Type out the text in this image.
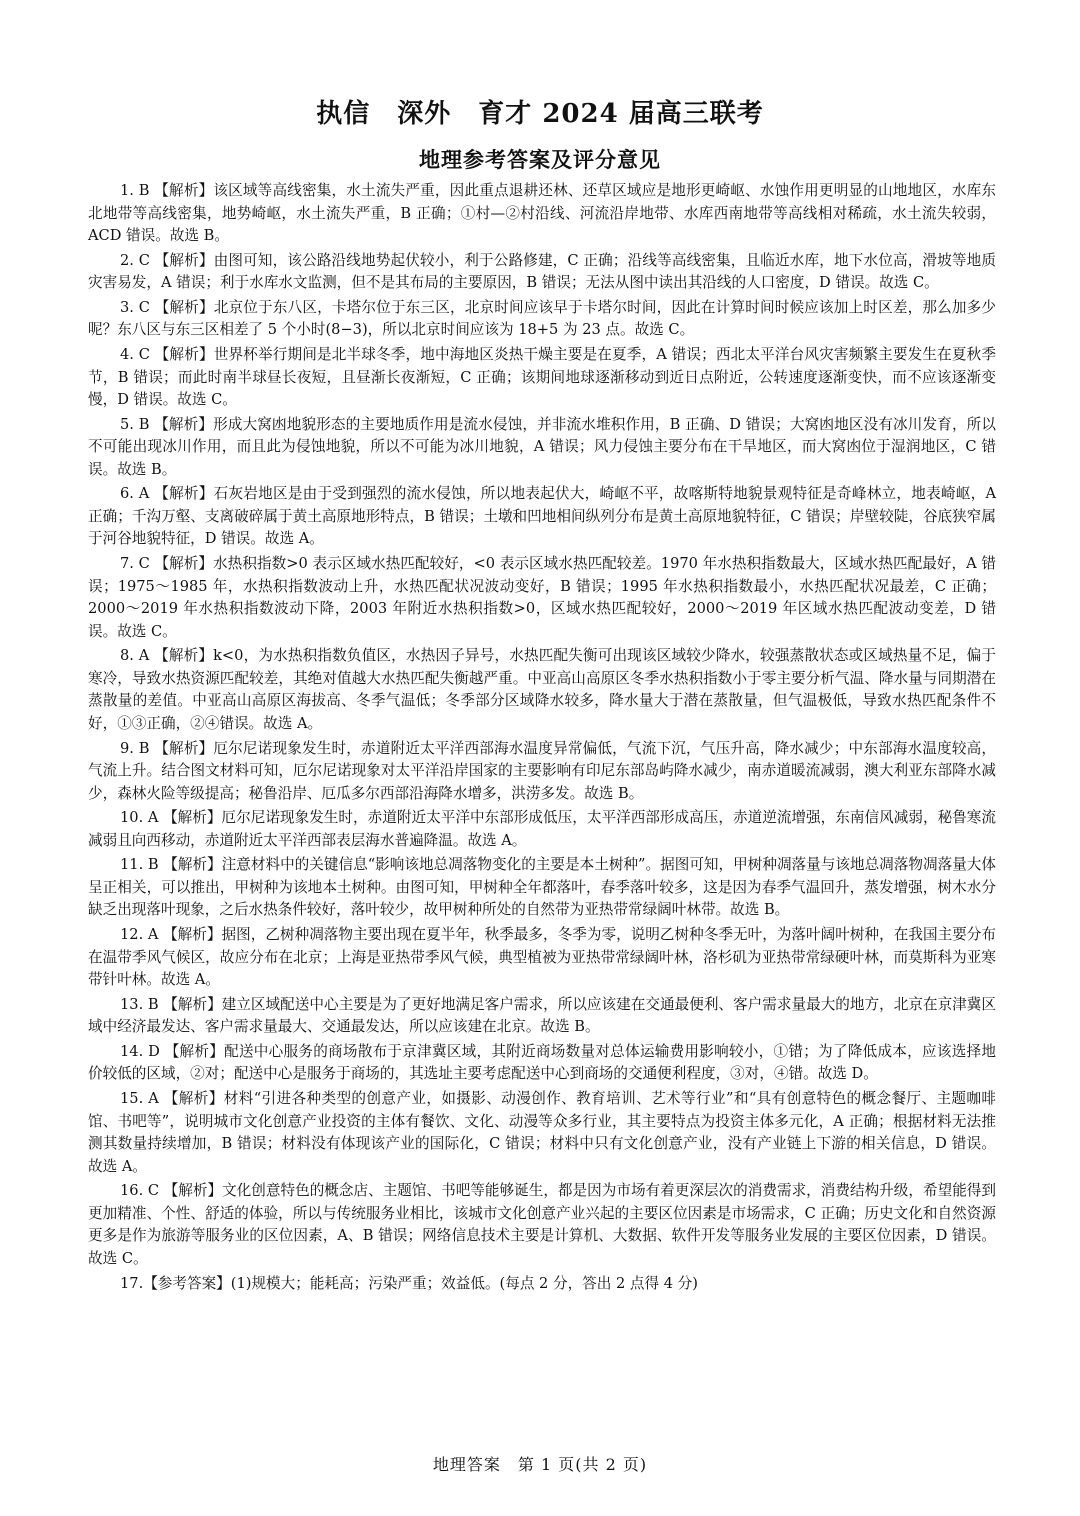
执信　深外　育才 2024 届高三联考
地理参考答案及评分意见

1. B 【解析】该区域等高线密集，水土流失严重，因此重点退耕还林、还草区域应是地形更崎岖、水蚀作用更明显的山地地区，水库东北地带等高线密集，地势崎岖，水土流失严重，B 正确；①村—②村沿线、河流沿岸地带、水库西南地带等高线相对稀疏，水土流失较弱，ACD 错误。故选 B。

2. C 【解析】由图可知，该公路沿线地势起伏较小，利于公路修建，C 正确；沿线等高线密集，且临近水库，地下水位高，滑坡等地质灾害易发，A 错误；利于水库水文监测，但不是其布局的主要原因，B 错误；无法从图中读出其沿线的人口密度，D 错误。故选 C。

3. C 【解析】北京位于东八区，卡塔尔位于东三区，北京时间应该早于卡塔尔时间，因此在计算时间时候应该加上时区差，那么加多少呢？东八区与东三区相差了 5 个小时(8−3)，所以北京时间应该为 18+5 为 23 点。故选 C。

4. C 【解析】世界杯举行期间是北半球冬季，地中海地区炎热干燥主要是在夏季，A 错误；西北太平洋台风灾害频繁主要发生在夏秋季节，B 错误；而此时南半球昼长夜短，且昼渐长夜渐短，C 正确；该期间地球逐渐移动到近日点附近，公转速度逐渐变快，而不应该逐渐变慢，D 错误。故选 C。

5. B 【解析】形成大窝凼地貌形态的主要地质作用是流水侵蚀，并非流水堆积作用，B 正确、D 错误；大窝凼地区没有冰川发育，所以不可能出现冰川作用，而且此为侵蚀地貌，所以不可能为冰川地貌，A 错误；风力侵蚀主要分布在干旱地区，而大窝凼位于湿润地区，C 错误。故选 B。

6. A 【解析】石灰岩地区是由于受到强烈的流水侵蚀，所以地表起伏大，崎岖不平，故喀斯特地貌景观特征是奇峰林立，地表崎岖，A 正确；千沟万壑、支离破碎属于黄土高原地形特点，B 错误；土墩和凹地相间纵列分布是黄土高原地貌特征，C 错误；岸壁较陡，谷底狭窄属于河谷地貌特征，D 错误。故选 A。

7. C 【解析】水热积指数>0 表示区域水热匹配较好，<0 表示区域水热匹配较差。1970 年水热积指数最大，区域水热匹配最好，A 错误；1975～1985 年，水热积指数波动上升，水热匹配状况波动变好，B 错误；1995 年水热积指数最小，水热匹配状况最差，C 正确；2000～2019 年水热积指数波动下降，2003 年附近水热积指数>0，区域水热匹配较好，2000～2019 年区域水热匹配波动变差，D 错误。故选 C。

8. A 【解析】k<0，为水热积指数负值区，水热因子异号，水热匹配失衡可出现该区域较少降水，较强蒸散状态或区域热量不足，偏于寒冷，导致水热资源匹配较差，其绝对值越大水热匹配失衡越严重。中亚高山高原区冬季水热积指数小于零主要分析气温、降水量与同期潜在蒸散量的差值。中亚高山高原区海拔高、冬季气温低；冬季部分区域降水较多，降水量大于潜在蒸散量，但气温极低，导致水热匹配条件不好，①③正确，②④错误。故选 A。

9. B 【解析】厄尔尼诺现象发生时，赤道附近太平洋西部海水温度异常偏低，气流下沉，气压升高，降水减少；中东部海水温度较高，气流上升。结合图文材料可知，厄尔尼诺现象对太平洋沿岸国家的主要影响有印尼东部岛屿降水减少，南赤道暖流减弱，澳大利亚东部降水减少，森林火险等级提高；秘鲁沿岸、厄瓜多尔西部沿海降水增多，洪涝多发。故选 B。

10. A 【解析】厄尔尼诺现象发生时，赤道附近太平洋中东部形成低压，太平洋西部形成高压，赤道逆流增强，东南信风减弱，秘鲁寒流减弱且向西移动，赤道附近太平洋西部表层海水普遍降温。故选 A。

11. B 【解析】注意材料中的关键信息“影响该地总凋落物变化的主要是本土树种”。据图可知，甲树种凋落量与该地总凋落物凋落量大体呈正相关，可以推出，甲树种为该地本土树种。由图可知，甲树种全年都落叶，春季落叶较多，这是因为春季气温回升，蒸发增强，树木水分缺乏出现落叶现象，之后水热条件较好，落叶较少，故甲树种所处的自然带为亚热带常绿阔叶林带。故选 B。

12. A 【解析】据图，乙树种凋落物主要出现在夏半年，秋季最多，冬季为零，说明乙树种冬季无叶，为落叶阔叶树种，在我国主要分布在温带季风气候区，故应分布在北京；上海是亚热带季风气候，典型植被为亚热带常绿阔叶林，洛杉矶为亚热带常绿硬叶林，而莫斯科为亚寒带针叶林。故选 A。

13. B 【解析】建立区域配送中心主要是为了更好地满足客户需求，所以应该建在交通最便利、客户需求量最大的地方，北京在京津冀区域中经济最发达、客户需求量最大、交通最发达，所以应该建在北京。故选 B。

14. D 【解析】配送中心服务的商场散布于京津冀区域，其附近商场数量对总体运输费用影响较小，①错；为了降低成本，应该选择地价较低的区域，②对；配送中心是服务于商场的，其选址主要考虑配送中心到商场的交通便利程度，③对，④错。故选 D。

15. A 【解析】材料“引进各种类型的创意产业，如摄影、动漫创作、教育培训、艺术等行业”和“具有创意特色的概念餐厅、主题咖啡馆、书吧等”，说明城市文化创意产业投资的主体有餐饮、文化、动漫等众多行业，其主要特点为投资主体多元化，A 正确；根据材料无法推测其数量持续增加，B 错误；材料没有体现该产业的国际化，C 错误；材料中只有文化创意产业，没有产业链上下游的相关信息，D 错误。故选 A。

16. C 【解析】文化创意特色的概念店、主题馆、书吧等能够诞生，都是因为市场有着更深层次的消费需求，消费结构升级，希望能得到更加精准、个性、舒适的体验，所以与传统服务业相比，该城市文化创意产业兴起的主要区位因素是市场需求，C 正确；历史文化和自然资源更多是作为旅游等服务业的区位因素，A、B 错误；网络信息技术主要是计算机、大数据、软件开发等服务业发展的主要区位因素，D 错误。故选 C。

17.【参考答案】(1)规模大；能耗高；污染严重；效益低。(每点 2 分，答出 2 点得 4 分)

地理答案　第 1 页(共 2 页)
